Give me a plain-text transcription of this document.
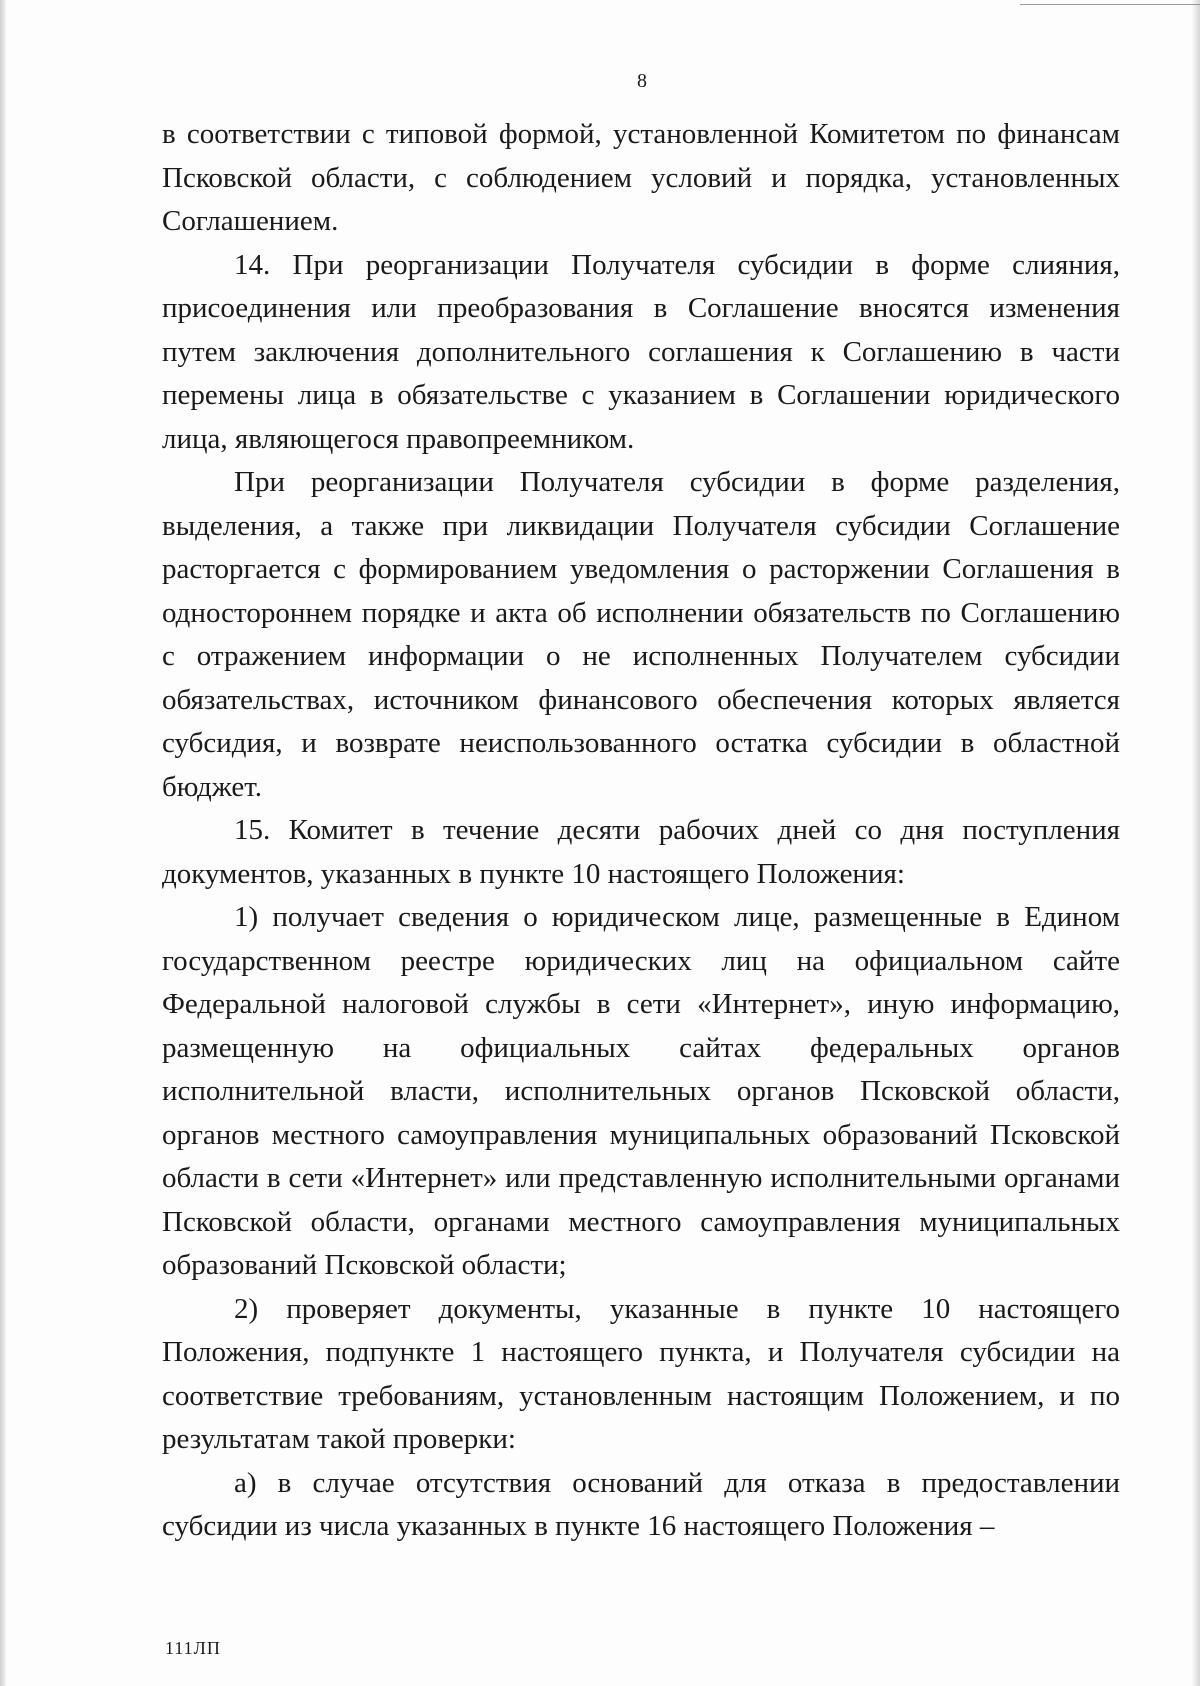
8

в соответствии с типовой формой, установленной Комитетом по финансам Псковской области, с соблюдением условий и порядка, установленных Соглашением.

14. При реорганизации Получателя субсидии в форме слияния, присоединения или преобразования в Соглашение вносятся изменения путем заключения дополнительного соглашения к Соглашению в части перемены лица в обязательстве с указанием в Соглашении юридического лица, являющегося правопреемником.

При реорганизации Получателя субсидии в форме разделения, выделения, а также при ликвидации Получателя субсидии Соглашение расторгается с формированием уведомления о расторжении Соглашения в одностороннем порядке и акта об исполнении обязательств по Соглашению с отражением информации о не исполненных Получателем субсидии обязательствах, источником финансового обеспечения которых является субсидия, и возврате неиспользованного остатка субсидии в областной бюджет.

15. Комитет в течение десяти рабочих дней со дня поступления документов, указанных в пункте 10 настоящего Положения:

1) получает сведения о юридическом лице, размещенные в Едином государственном реестре юридических лиц на официальном сайте Федеральной налоговой службы в сети «Интернет», иную информацию, размещенную на официальных сайтах федеральных органов исполнительной власти, исполнительных органов Псковской области, органов местного самоуправления муниципальных образований Псковской области в сети «Интернет» или представленную исполнительными органами Псковской области, органами местного самоуправления муниципальных образований Псковской области;

2) проверяет документы, указанные в пункте 10 настоящего Положения, подпункте 1 настоящего пункта, и Получателя субсидии на соответствие требованиям, установленным настоящим Положением, и по результатам такой проверки:

а) в случае отсутствия оснований для отказа в предоставлении субсидии из числа указанных в пункте 16 настоящего Положения –

111ЛП
